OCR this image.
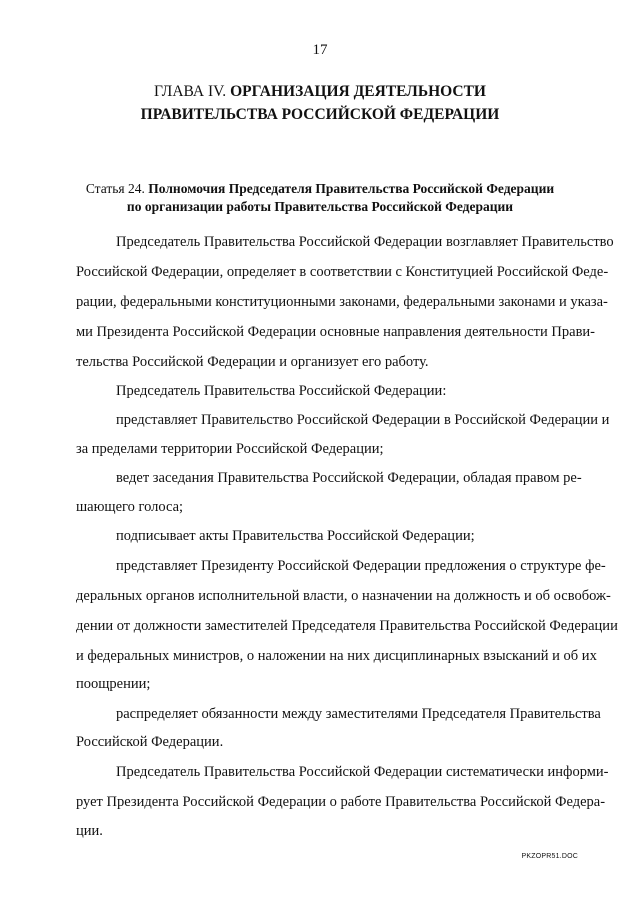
17
ГЛАВА IV. ОРГАНИЗАЦИЯ ДЕЯТЕЛЬНОСТИ
ПРАВИТЕЛЬСТВА РОССИЙСКОЙ ФЕДЕРАЦИИ
Статья 24. Полномочия Председателя Правительства Российской Федерации
по организации работы Правительства Российской Федерации
Председатель Правительства Российской Федерации возглавляет Правительство
Российской Федерации, определяет в соответствии с Конституцией Российской Феде-
рации, федеральными конституционными законами, федеральными законами и указа-
ми Президента Российской Федерации основные направления деятельности Прави-
тельства Российской Федерации и организует его работу.
Председатель Правительства Российской Федерации:
представляет Правительство Российской Федерации в Российской Федерации и
за пределами территории Российской Федерации;
ведет заседания Правительства Российской Федерации, обладая правом ре-
шающего голоса;
подписывает акты Правительства Российской Федерации;
представляет Президенту Российской Федерации предложения о структуре фе-
деральных органов исполнительной власти, о назначении на должность и об освобож-
дении от должности заместителей Председателя Правительства Российской Федерации
и федеральных министров, о наложении на них дисциплинарных взысканий и об их
поощрении;
распределяет обязанности между заместителями Председателя Правительства
Российской Федерации.
Председатель Правительства Российской Федерации систематически информи-
рует Президента Российской Федерации о работе Правительства Российской Федера-
ции.
PKZOPR51.DOC
